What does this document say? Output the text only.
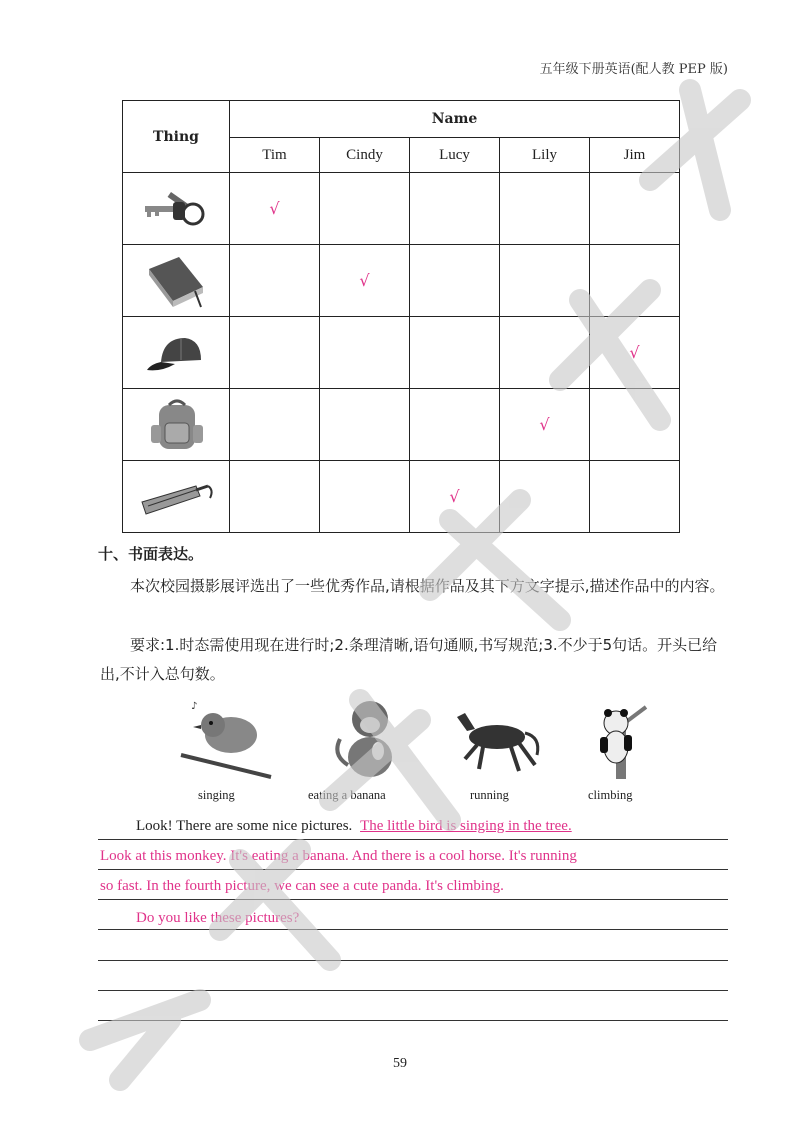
五年级下册英语(配人教 PEP 版)
Thing	Name				
	Tim	Cindy	Lucy	Lily	Jim

	√				

		√			

					√

				√	

			√		
十、书面表达。
本次校园摄影展评选出了一些优秀作品,请根据作品及其下方文字提示,描述作品中的内容。
要求:1.时态需使用现在进行时;2.条理清晰,语句通顺,书写规范;3.不少于5句话。开头已给出,不计入总句数。
♪
singing	eating a banana	running	climbing
Look! There are some nice pictures. The little bird is singing in the tree.
Look at this monkey. It's eating a banana. And there is a cool horse. It's running
so fast. In the fourth picture, we can see a cute panda. It's climbing.
Do you like these pictures?
59
